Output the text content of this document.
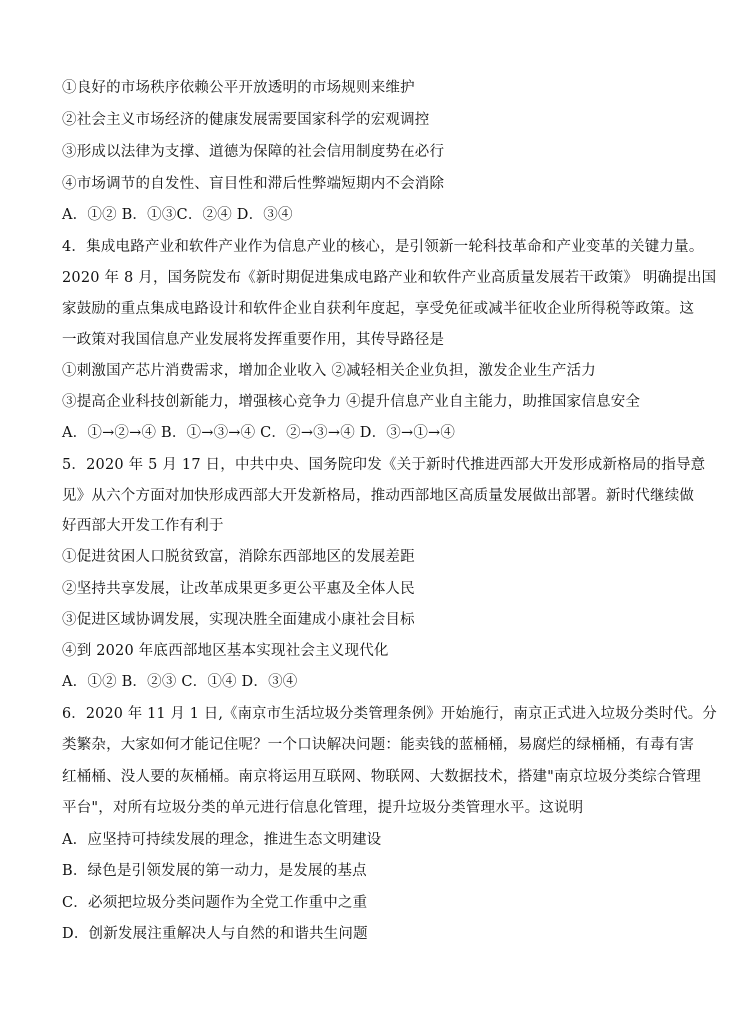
①良好的市场秩序依赖公平开放透明的市场规则来维护
②社会主义市场经济的健康发展需要国家科学的宏观调控
③形成以法律为支撑、道德为保障的社会信用制度势在必行
④市场调节的自发性、盲目性和滞后性弊端短期内不会消除
A．①② B．①③C．②④ D．③④
4．集成电路产业和软件产业作为信息产业的核心，是引领新一轮科技革命和产业变革的关键力量。
2020 年 8 月，国务院发布《新时期促进集成电路产业和软件产业高质量发展若干政策》 明确提出国
家鼓励的重点集成电路设计和软件企业自获利年度起，享受免征或减半征收企业所得税等政策。这
一政策对我国信息产业发展将发挥重要作用，其传导路径是
①刺激国产芯片消费需求，增加企业收入 ②减轻相关企业负担，激发企业生产活力
③提高企业科技创新能力，增强核心竞争力 ④提升信息产业自主能力，助推国家信息安全
A．①→②→④ B．①→③→④ C．②→③→④ D．③→①→④
5．2020 年 5 月 17 日，中共中央、国务院印发《关于新时代推进西部大开发形成新格局的指导意
见》从六个方面对加快形成西部大开发新格局，推动西部地区高质量发展做出部署。新时代继续做
好西部大开发工作有利于
①促进贫困人口脱贫致富，消除东西部地区的发展差距
②坚持共享发展，让改革成果更多更公平惠及全体人民
③促进区域协调发展，实现决胜全面建成小康社会目标
④到 2020 年底西部地区基本实现社会主义现代化
A．①② B．②③ C．①④ D．③④
6．2020 年 11 月 1 日,《南京市生活垃圾分类管理条例》开始施行，南京正式进入垃圾分类时代。分
类繁杂，大家如何才能记住呢？一个口诀解决问题：能卖钱的蓝桶桶，易腐烂的绿桶桶，有毒有害
红桶桶、没人要的灰桶桶。南京将运用互联网、物联网、大数据技术，搭建"南京垃圾分类综合管理
平台"，对所有垃圾分类的单元进行信息化管理，提升垃圾分类管理水平。这说明
A．应坚持可持续发展的理念，推进生态文明建设
B．绿色是引领发展的第一动力，是发展的基点
C．必须把垃圾分类问题作为全党工作重中之重
D．创新发展注重解决人与自然的和谐共生问题
